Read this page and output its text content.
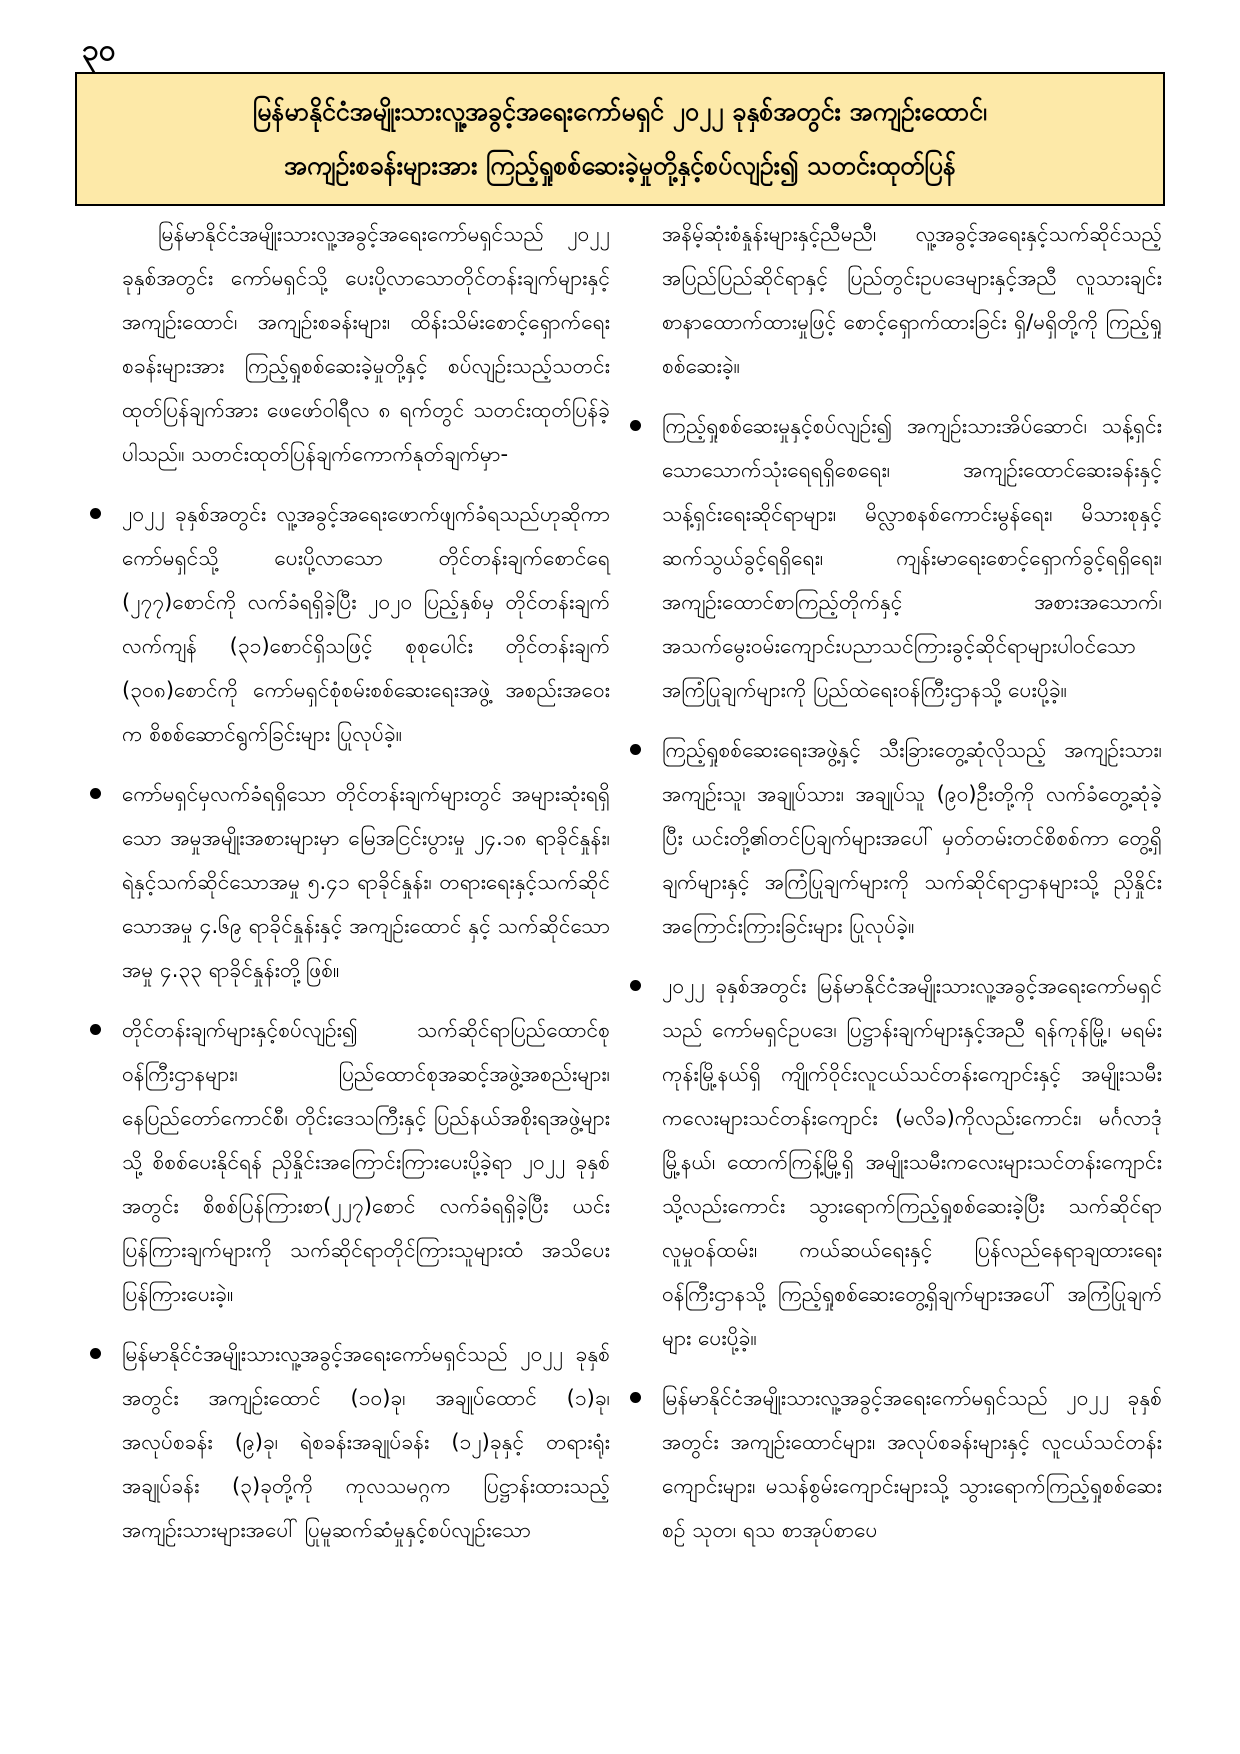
၃၀
မြန်မာနိုင်ငံအမျိုးသားလူ့အခွင့်အရေးကော်မရှင် ၂၀၂၂ ခုနှစ်အတွင်း အကျဉ်းထောင်၊
အကျဉ်းစခန်းများအား ကြည့်ရှုစစ်ဆေးခဲ့မှုတို့နှင့်စပ်လျဉ်း၍ သတင်းထုတ်ပြန်

မြန်မာနိုင်ငံအမျိုးသားလူ့အခွင့်အရေးကော်မရှင်သည် ၂၀၂၂ ခုနှစ်အတွင်း ကော်မရှင်သို့ ပေးပို့လာသောတိုင်တန်းချက်များနှင့် အကျဉ်းထောင်၊ အကျဉ်းစခန်းများ၊ ထိန်းသိမ်းစောင့်ရှောက်ရေးစခန်းများအား ကြည့်ရှုစစ်ဆေးခဲ့မှုတို့နှင့် စပ်လျဉ်းသည့်သတင်းထုတ်ပြန်ချက်အား ဖေဖော်ဝါရီလ ၈ ရက်တွင် သတင်းထုတ်ပြန်ခဲ့ပါသည်။ သတင်းထုတ်ပြန်ချက်ကောက်နုတ်ချက်မှာ-

၂၀၂၂ ခုနှစ်အတွင်း လူ့အခွင့်အရေးဖောက်ဖျက်ခံရသည်ဟုဆိုကာ ကော်မရှင်သို့ ပေးပို့လာသော တိုင်တန်းချက်စောင်ရေ (၂၇၇)စောင်ကို လက်ခံရရှိခဲ့ပြီး ၂၀၂၀ ပြည့်နှစ်မှ တိုင်တန်းချက် လက်ကျန် (၃၁)စောင်ရှိသဖြင့် စုစုပေါင်း တိုင်တန်းချက် (၃၀၈)စောင်ကို ကော်မရှင်စုံစမ်းစစ်ဆေးရေးအဖွဲ့ အစည်းအဝေးက စိစစ်ဆောင်ရွက်ခြင်းများ ပြုလုပ်ခဲ့။
ကော်မရှင်မှလက်ခံရရှိသော တိုင်တန်းချက်များတွင် အများဆုံးရရှိသော အမှုအမျိုးအစားများမှာ မြေအငြင်းပွားမှု ၂၄.၁၈ ရာခိုင်နှုန်း၊ ရဲနှင့်သက်ဆိုင်သောအမှု ၅.၄၁ ရာခိုင်နှုန်း၊ တရားရေးနှင့်သက်ဆိုင်သောအမှု ၄.၆၉ ရာခိုင်နှုန်းနှင့် အကျဉ်းထောင် နှင့် သက်ဆိုင်သောအမှု ၄.၃၃ ရာခိုင်နှုန်းတို့ဖြစ်။
တိုင်တန်းချက်များနှင့်စပ်လျဉ်း၍ သက်ဆိုင်ရာပြည်ထောင်စုဝန်ကြီးဌာနများ၊ ပြည်ထောင်စုအဆင့်အဖွဲ့အစည်းများ၊ နေပြည်တော်ကောင်စီ၊ တိုင်းဒေသကြီးနှင့် ပြည်နယ်အစိုးရအဖွဲ့များသို့ စိစစ်ပေးနိုင်ရန် ညှိနှိုင်းအကြောင်းကြားပေးပို့ခဲ့ရာ ၂၀၂၂ ခုနှစ်အတွင်း စိစစ်ပြန်ကြားစာ(၂၂၇)စောင် လက်ခံရရှိခဲ့ပြီး ယင်းပြန်ကြားချက်များကို သက်ဆိုင်ရာတိုင်ကြားသူများထံ အသိပေးပြန်ကြားပေးခဲ့။
မြန်မာနိုင်ငံအမျိုးသားလူ့အခွင့်အရေးကော်မရှင်သည် ၂၀၂၂ ခုနှစ်အတွင်း အကျဉ်းထောင် (၁၀)ခု၊ အချုပ်ထောင် (၁)ခု၊ အလုပ်စခန်း (၉)ခု၊ ရဲစခန်းအချုပ်ခန်း (၁၂)ခုနှင့် တရားရုံးအချုပ်ခန်း (၃)ခုတို့ကို ကုလသမဂ္ဂက ပြဋ္ဌာန်းထားသည့် အကျဉ်းသားများအပေါ် ပြုမူဆက်ဆံမှုနှင့်စပ်လျဉ်းသော

အနိမ့်ဆုံးစံနှုန်းများနှင့်ညီမညီ၊ လူ့အခွင့်အရေးနှင့်သက်ဆိုင်သည့် အပြည်ပြည်ဆိုင်ရာနှင့် ပြည်တွင်းဥပဒေများနှင့်အညီ လူသားချင်းစာနာထောက်ထားမှုဖြင့် စောင့်ရှောက်ထားခြင်း ရှိ/မရှိတို့ကို ကြည့်ရှုစစ်ဆေးခဲ့။

ကြည့်ရှုစစ်ဆေးမှုနှင့်စပ်လျဉ်း၍ အကျဉ်းသားအိပ်ဆောင်၊ သန့်ရှင်းသောသောက်သုံးရေရရှိစေရေး၊ အကျဉ်းထောင်ဆေးခန်းနှင့် သန့်ရှင်းရေးဆိုင်ရာများ၊ မိလ္လာစနစ်ကောင်းမွန်ရေး၊ မိသားစုနှင့် ဆက်သွယ်ခွင့်ရရှိရေး၊ ကျန်းမာရေးစောင့်ရှောက်ခွင့်ရရှိရေး၊ အကျဉ်းထောင်စာကြည့်တိုက်နှင့် အစားအသောက်၊ အသက်မွေးဝမ်းကျောင်းပညာသင်ကြားခွင့်ဆိုင်ရာများပါဝင်သော အကြံပြုချက်များကို ပြည်ထဲရေးဝန်ကြီးဌာနသို့ ပေးပို့ခဲ့။
ကြည့်ရှုစစ်ဆေးရေးအဖွဲ့နှင့် သီးခြားတွေ့ဆုံလိုသည့် အကျဉ်းသား၊ အကျဉ်းသူ၊ အချုပ်သား၊ အချုပ်သူ (၉၀)ဦးတို့ကို လက်ခံတွေ့ဆုံခဲ့ပြီး ယင်းတို့၏တင်ပြချက်များအပေါ် မှတ်တမ်းတင်စိစစ်ကာ တွေ့ရှိချက်များနှင့် အကြံပြုချက်များကို သက်ဆိုင်ရာဌာနများသို့ ညှိနှိုင်းအကြောင်းကြားခြင်းများ ပြုလုပ်ခဲ့။
၂၀၂၂ ခုနှစ်အတွင်း မြန်မာနိုင်ငံအမျိုးသားလူ့အခွင့်အရေးကော်မရှင်သည် ကော်မရှင်ဥပဒေ၊ ပြဋ္ဌာန်းချက်များနှင့်အညီ ရန်ကုန်မြို့၊ မရမ်းကုန်းမြို့နယ်ရှိ ကျိုက်ဝိုင်းလူငယ်သင်တန်းကျောင်းနှင့် အမျိုးသမီးကလေးများသင်တန်းကျောင်း (မလိခ)ကိုလည်းကောင်း၊ မင်္ဂလာဒုံမြို့နယ်၊ ထောက်ကြန့်မြို့ရှိ အမျိုးသမီးကလေးများသင်တန်းကျောင်းသို့လည်းကောင်း သွားရောက်ကြည့်ရှုစစ်ဆေးခဲ့ပြီး သက်ဆိုင်ရာလူမှုဝန်ထမ်း၊ ကယ်ဆယ်ရေးနှင့် ပြန်လည်နေရာချထားရေးဝန်ကြီးဌာနသို့ ကြည့်ရှုစစ်ဆေးတွေ့ရှိချက်များအပေါ် အကြံပြုချက်များ ပေးပို့ခဲ့။
မြန်မာနိုင်ငံအမျိုးသားလူ့အခွင့်အရေးကော်မရှင်သည် ၂၀၂၂ ခုနှစ်အတွင်း အကျဉ်းထောင်များ၊ အလုပ်စခန်းများနှင့် လူငယ်သင်တန်းကျောင်းများ၊ မသန်စွမ်းကျောင်းများသို့ သွားရောက်ကြည့်ရှုစစ်ဆေးစဉ် သုတ၊ ရသ စာအုပ်စာပေ
